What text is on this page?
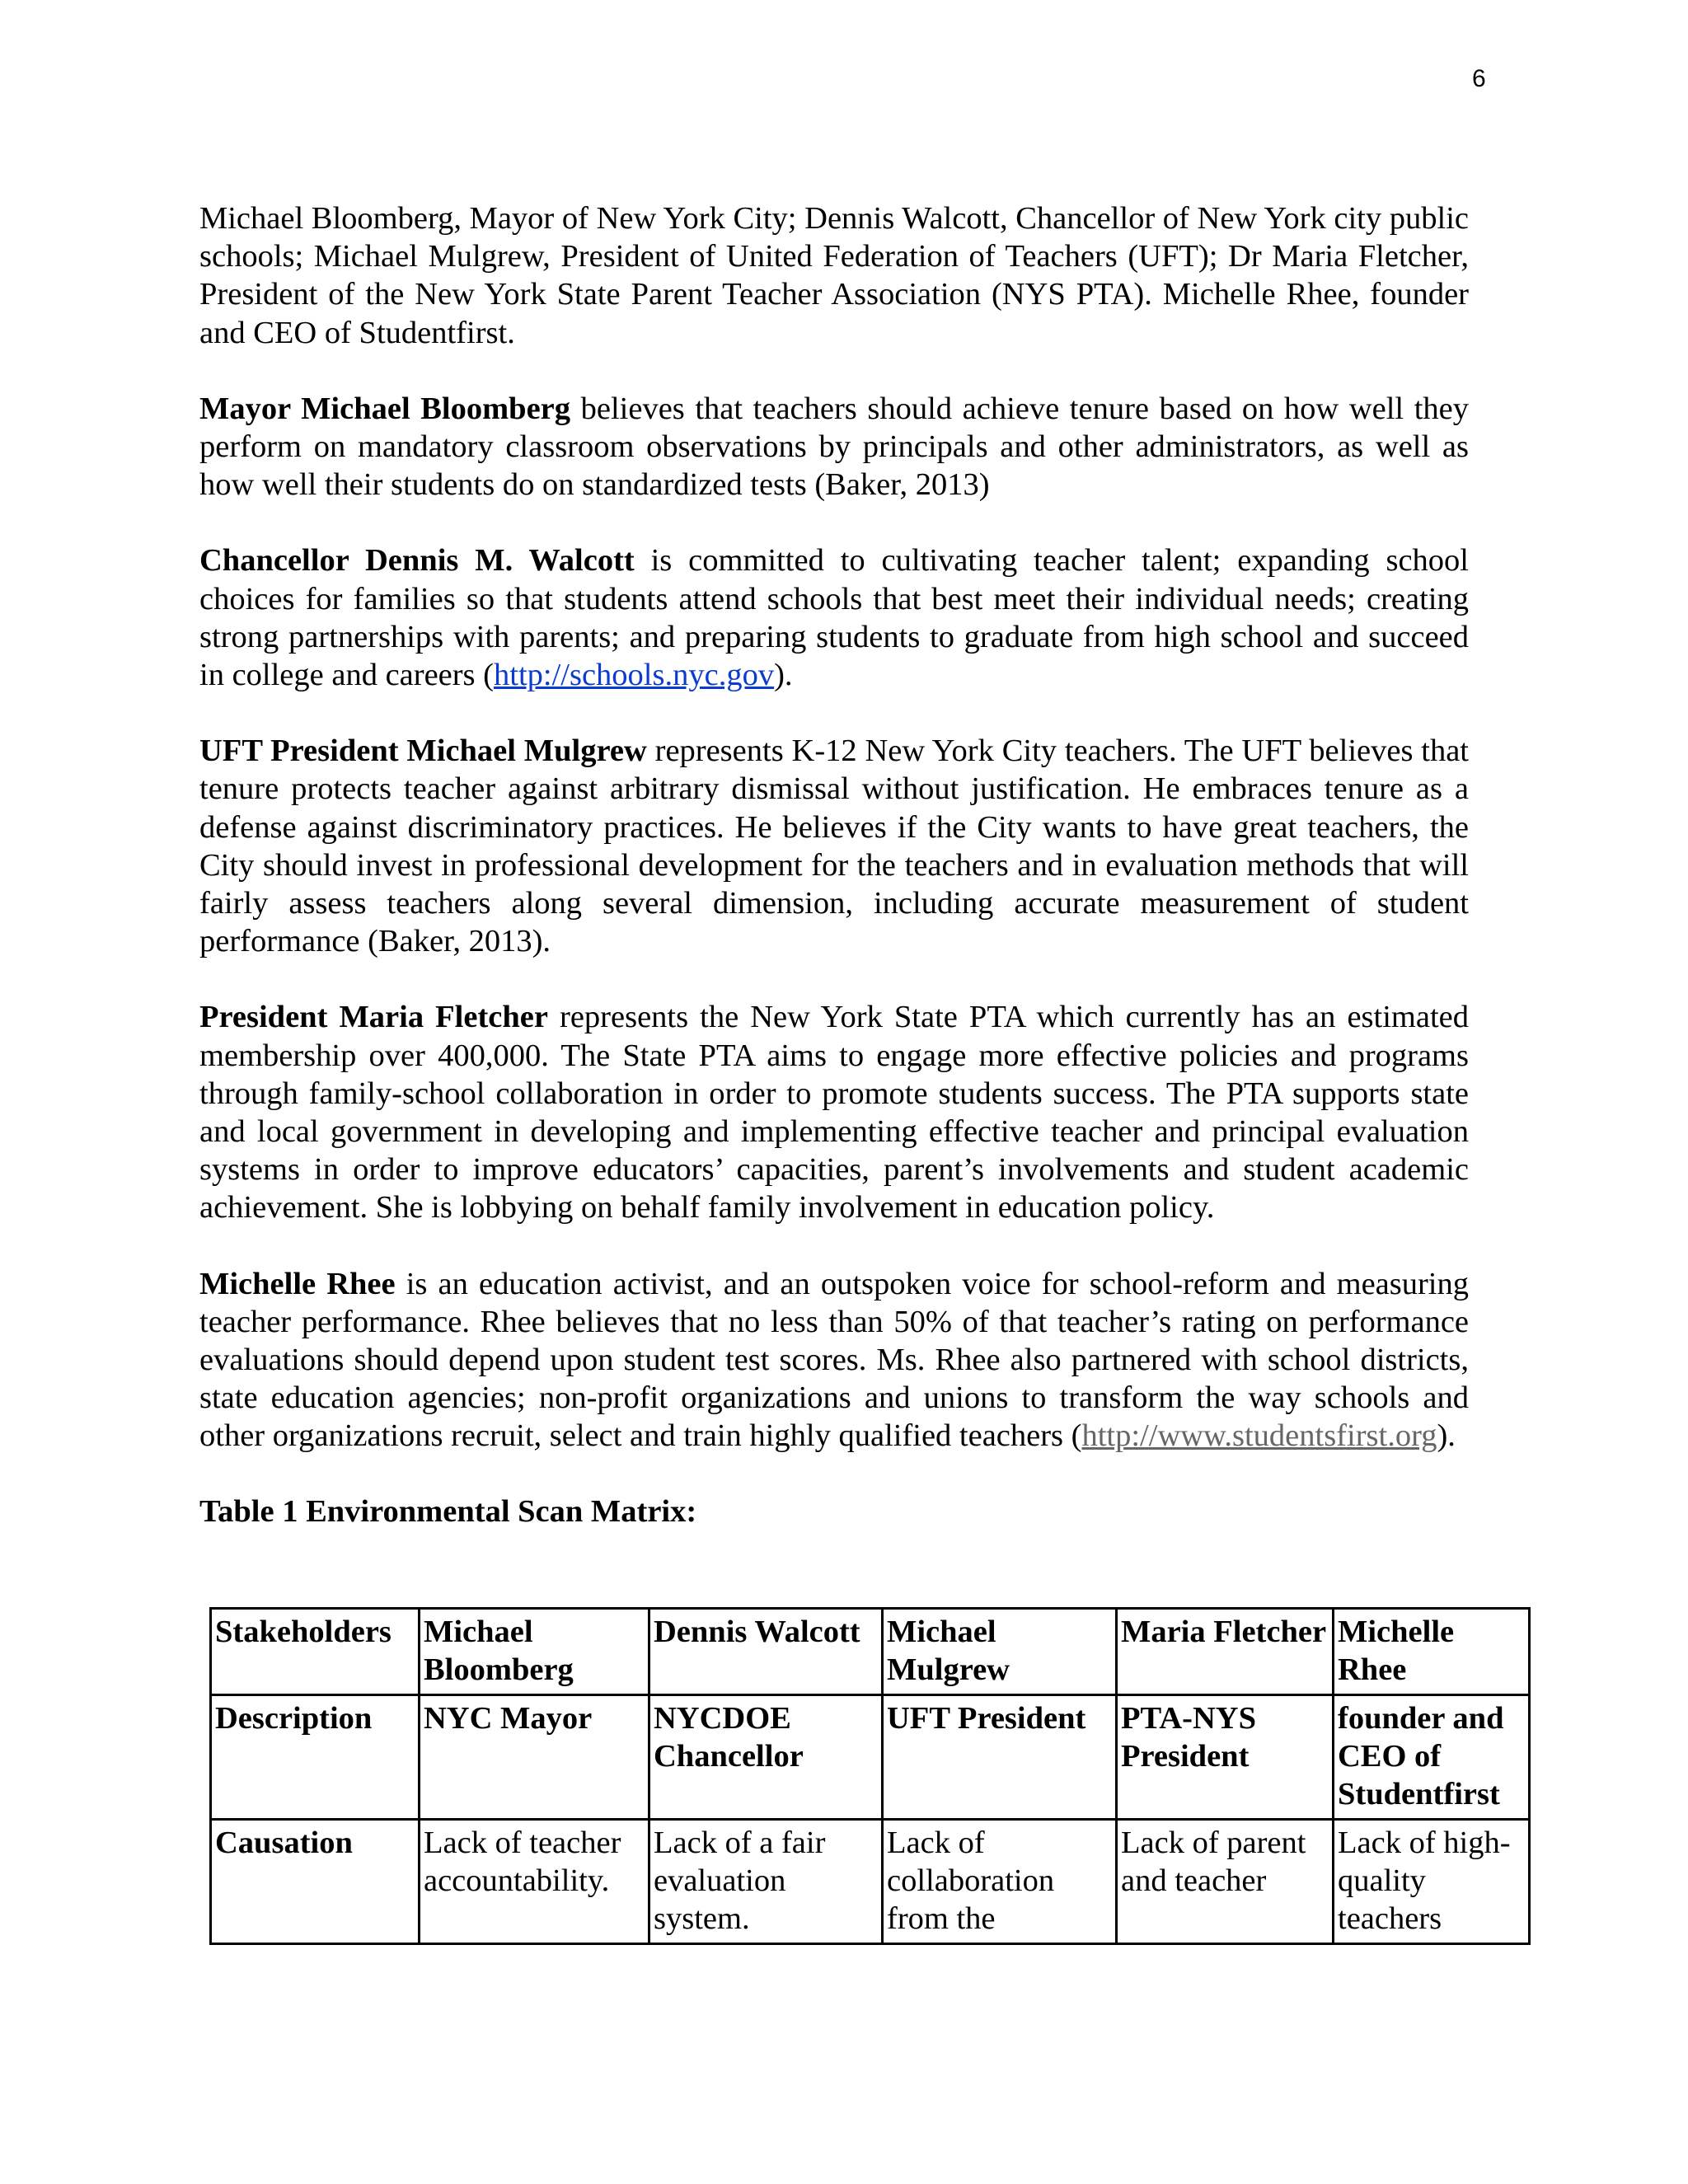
6

Michael Bloomberg, Mayor of New York City; Dennis Walcott, Chancellor of New York city public schools; Michael Mulgrew, President of United Federation of Teachers (UFT); Dr Maria Fletcher, President of the New York State Parent Teacher Association (NYS PTA). Michelle Rhee, founder and CEO of Studentfirst.

Mayor Michael Bloomberg believes that teachers should achieve tenure based on how well they perform on mandatory classroom observations by principals and other administrators, as well as how well their students do on standardized tests (Baker, 2013)

Chancellor Dennis M. Walcott is committed to cultivating teacher talent; expanding school choices for families so that students attend schools that best meet their individual needs; creating strong partnerships with parents; and preparing students to graduate from high school and succeed in college and careers (http://schools.nyc.gov).

UFT President Michael Mulgrew represents K-12 New York City teachers. The UFT believes that tenure protects teacher against arbitrary dismissal without justification. He embraces tenure as a defense against discriminatory practices. He believes if the City wants to have great teachers, the City should invest in professional development for the teachers and in evaluation methods that will fairly assess teachers along several dimension, including accurate measurement of student performance (Baker, 2013).

President Maria Fletcher represents the New York State PTA which currently has an estimated membership over 400,000. The State PTA aims to engage more effective policies and programs through family-school collaboration in order to promote students success. The PTA supports state and local government in developing and implementing effective teacher and principal evaluation systems in order to improve educators’ capacities, parent’s involvements and student academic achievement. She is lobbying on behalf family involvement in education policy.

Michelle Rhee is an education activist, and an outspoken voice for school-reform and measuring teacher performance. Rhee believes that no less than 50% of that teacher’s rating on performance evaluations should depend upon student test scores. Ms. Rhee also partnered with school districts, state education agencies; non-profit organizations and unions to transform the way schools and other organizations recruit, select and train highly qualified teachers (http://www.studentsfirst.org).

Table 1 Environmental Scan Matrix:

Stakeholders	Michael Bloomberg	Dennis Walcott	Michael Mulgrew	Maria Fletcher	Michelle Rhee
Description	NYC Mayor	NYCDOE Chancellor	UFT President	PTA-NYS President	founder and CEO of Studentfirst
Causation	Lack of teacher accountability.	Lack of a fair evaluation system.	Lack of collaboration from the	Lack of parent and teacher	Lack of high-quality teachers
